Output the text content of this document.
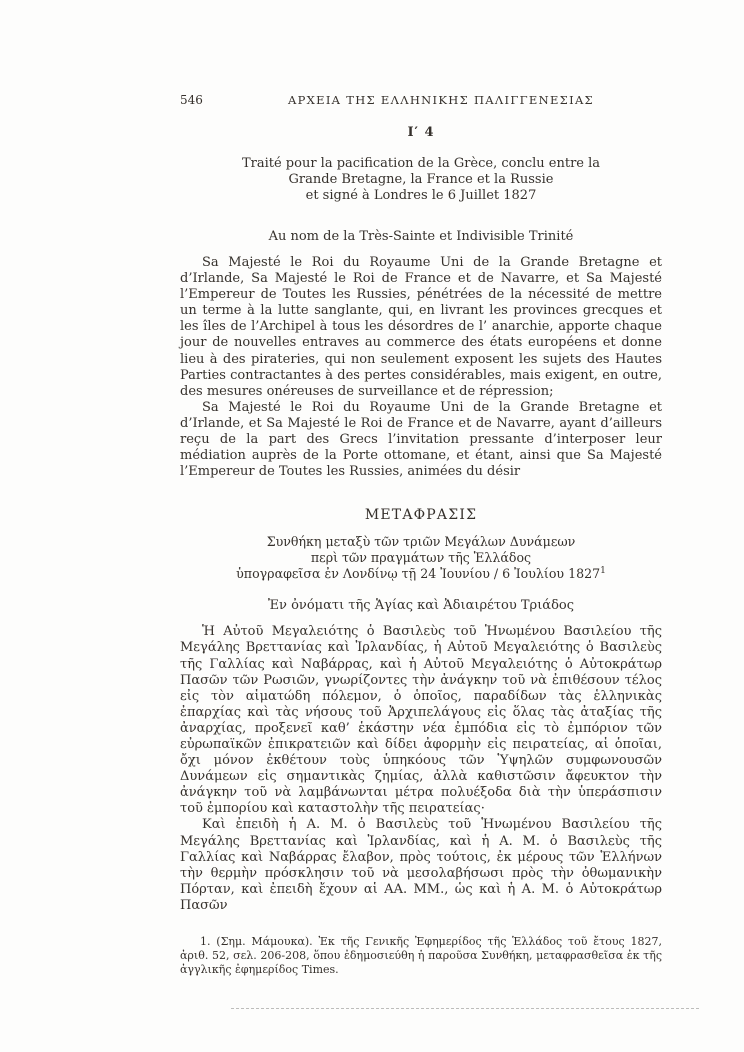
546	ΑΡΧΕΙΑ ΤΗΣ ΕΛΛΗΝΙΚΗΣ ΠΑΛΙΓΓΕΝΕΣΙΑΣ
Ι′ 4
Traité pour la pacification de la Grèce, conclu entre la
Grande Bretagne, la France et la Russie
et signé à Londres le 6 Juillet 1827
Au nom de la Très-Sainte et Indivisible Trinité

Sa Majesté le Roi du Royaume Uni de la Grande Bretagne et d’Irlande, Sa Majesté le Roi de France et de Navarre, et Sa Majesté l’Empereur de Toutes les Russies, pénétrées de la nécessité de mettre un terme à la lutte sanglante, qui, en livrant les provinces grecques et les îles de l’Archipel à tous les désordres de l’ anarchie, apporte chaque jour de nouvelles entraves au commerce des états européens et donne lieu à des pirateries, qui non seulement exposent les sujets des Hautes Parties contractantes à des pertes considérables, mais exigent, en outre, des mesures onéreuses de surveillance et de répression;

Sa Majesté le Roi du Royaume Uni de la Grande Bretagne et d’Irlande, et Sa Majesté le Roi de France et de Navarre, ayant d’ailleurs reçu de la part des Grecs l’invitation pressante d’interposer leur médiation auprès de la Porte ottomane, et étant, ainsi que Sa Majesté l’Empereur de Toutes les Russies, animées du désir

ΜΕΤΑΦΡΑΣΙΣ
Συνθήκη μεταξὺ τῶν τριῶν Μεγάλων Δυνάμεων
περὶ τῶν πραγμάτων τῆς Ἑλλάδος
ὑπογραφεῖσα ἐν Λονδίνῳ τῇ 24 Ἰουνίου / 6 Ἰουλίου 1827$^1$
Ἐν ὀνόματι τῆς Ἁγίας καὶ Ἀδιαιρέτου Τριάδος

Ἡ Αὐτοῦ Μεγαλειότης ὁ Βασιλεὺς τοῦ Ἡνωμένου Βασιλείου τῆς Μεγάλης Βρεττανίας καὶ Ἰρλανδίας, ἡ Αὐτοῦ Μεγαλειότης ὁ Βασιλεὺς τῆς Γαλλίας καὶ Ναβάρρας, καὶ ἡ Αὐτοῦ Μεγαλειότης ὁ Αὐτοκράτωρ Πασῶν τῶν Ρωσιῶν, γνωρίζοντες τὴν ἀνάγκην τοῦ νὰ ἐπιθέσουν τέλος εἰς τὸν αἱματώδη πόλεμον, ὁ ὁποῖος, παραδίδων τὰς ἑλληνικὰς ἐπαρχίας καὶ τὰς νήσους τοῦ Ἀρχιπελάγους εἰς ὅλας τὰς ἀταξίας τῆς ἀναρχίας, προξενεῖ καθ’ ἑκάστην νέα ἐμπόδια εἰς τὸ ἐμπόριον τῶν εὐρωπαϊκῶν ἐπικρατειῶν καὶ δίδει ἀφορμὴν εἰς πειρατείας, αἱ ὁποῖαι, ὄχι μόνον ἐκθέτουν τοὺς ὑπηκόους τῶν Ὑψηλῶν συμφωνουσῶν Δυνάμεων εἰς σημαντικὰς ζημίας, ἀλλὰ καθιστῶσιν ἄφευκτον τὴν ἀνάγκην τοῦ νὰ λαμβάνωνται μέτρα πολυέξοδα διὰ τὴν ὑπεράσπισιν τοῦ ἐμπορίου καὶ καταστολὴν τῆς πειρατείας·

Καὶ ἐπειδὴ ἡ Α. Μ. ὁ Βασιλεὺς τοῦ Ἡνωμένου Βασιλείου τῆς Μεγάλης Βρεττανίας καὶ Ἰρλανδίας, καὶ ἡ Α. Μ. ὁ Βασιλεὺς τῆς Γαλλίας καὶ Ναβάρρας ἔλαβον, πρὸς τούτοις, ἐκ μέρους τῶν Ἑλλήνων τὴν θερμὴν πρόσκλησιν τοῦ νὰ μεσολαβήσωσι πρὸς τὴν ὀθωμανικὴν Πόρταν, καὶ ἐπειδὴ ἔχουν αἱ ΑΑ. ΜΜ., ὡς καὶ ἡ Α. Μ. ὁ Αὐτοκράτωρ Πασῶν

1. (Σημ. Μάμουκα). Ἐκ τῆς Γενικῆς Ἐφημερίδος τῆς Ἑλλάδος τοῦ ἔτους 1827, ἀριθ. 52, σελ. 206-208, ὅπου ἐδημοσιεύθη ἡ παροῦσα Συνθήκη, μεταφρασθεῖσα ἐκ τῆς ἀγγλικῆς ἐφημερίδος Times.
